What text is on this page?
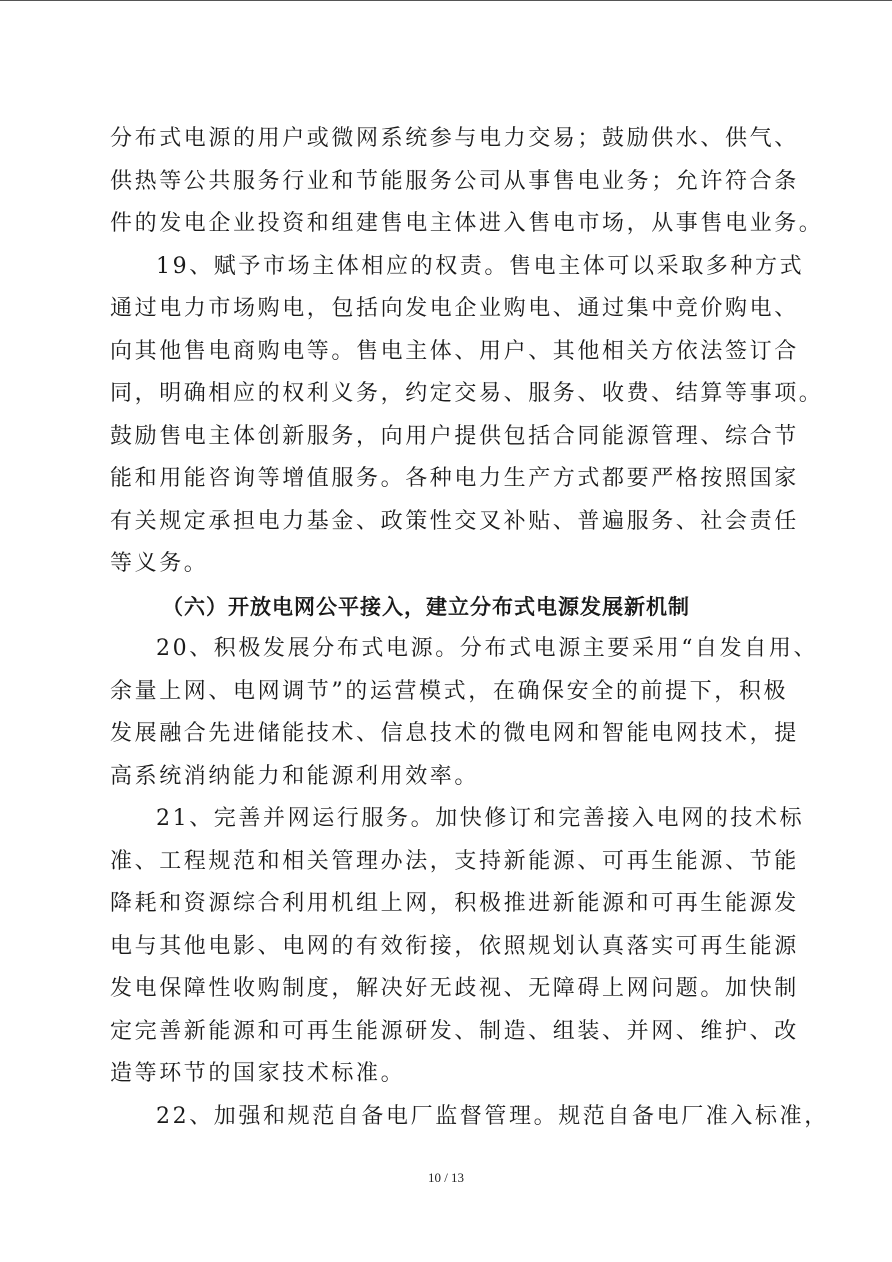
分布式电源的用户或微网系统参与电力交易；鼓励供水、供气、
供热等公共服务行业和节能服务公司从事售电业务；允许符合条
件的发电企业投资和组建售电主体进入售电市场，从事售电业务。
19、赋予市场主体相应的权责。售电主体可以采取多种方式
通过电力市场购电，包括向发电企业购电、通过集中竞价购电、
向其他售电商购电等。售电主体、用户、其他相关方依法签订合
同，明确相应的权利义务，约定交易、服务、收费、结算等事项。
鼓励售电主体创新服务，向用户提供包括合同能源管理、综合节
能和用能咨询等增值服务。各种电力生产方式都要严格按照国家
有关规定承担电力基金、政策性交叉补贴、普遍服务、社会责任
等义务。
（六）开放电网公平接入，建立分布式电源发展新机制
20、积极发展分布式电源。分布式电源主要采用“自发自用、
余量上网、电网调节”的运营模式，在确保安全的前提下，积极
发展融合先进储能技术、信息技术的微电网和智能电网技术，提
高系统消纳能力和能源利用效率。
21、完善并网运行服务。加快修订和完善接入电网的技术标
准、工程规范和相关管理办法，支持新能源、可再生能源、节能
降耗和资源综合利用机组上网，积极推进新能源和可再生能源发
电与其他电影、电网的有效衔接，依照规划认真落实可再生能源
发电保障性收购制度，解决好无歧视、无障碍上网问题。加快制
定完善新能源和可再生能源研发、制造、组装、并网、维护、改
造等环节的国家技术标准。
22、加强和规范自备电厂监督管理。规范自备电厂准入标准，
10 / 13
